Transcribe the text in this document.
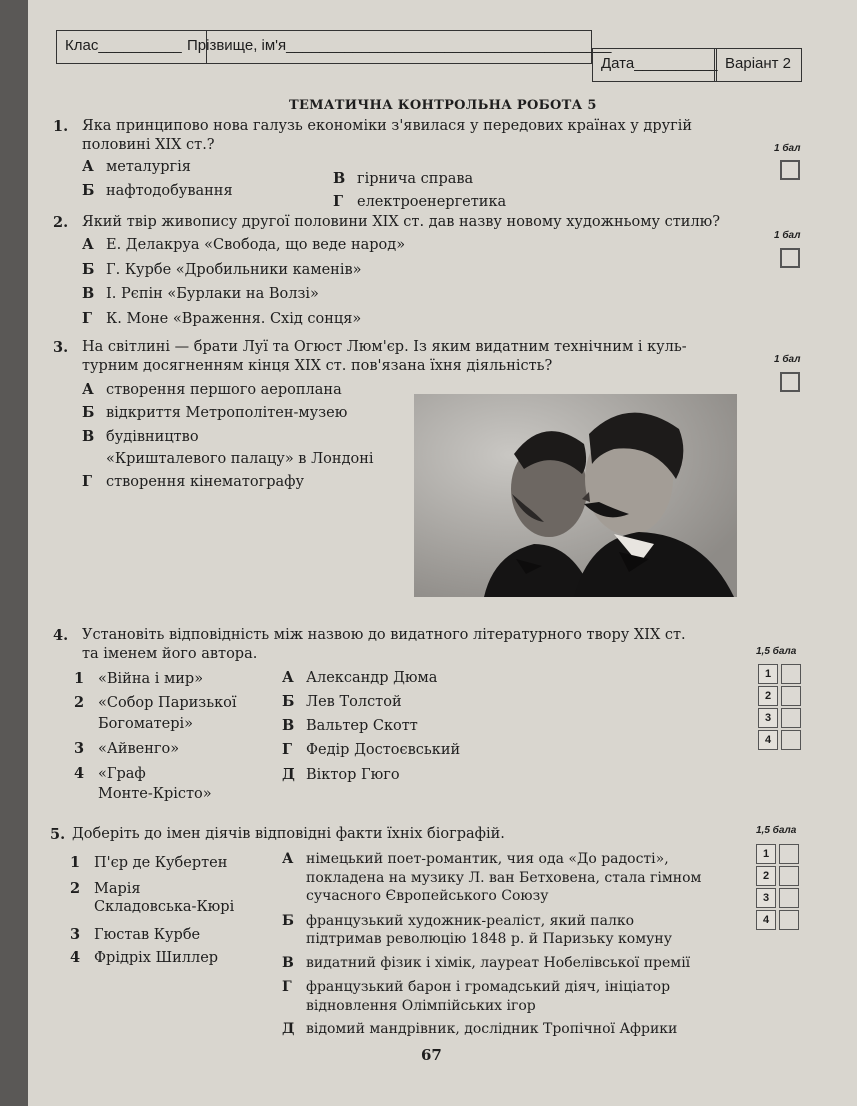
Клас__________ Прізвище, ім'я_______________________________________
Дата__________ Варіант 2
ТЕМАТИЧНА КОНТРОЛЬНА РОБОТА 5
1. Яка принципово нова галузь економіки з'явилася у передових країнах у другій
половині XIX ст.?	1 бал
А металургія
Б нафтодобування
В гірнича справа
Г електроенергетика
2. Який твір живопису другої половини XIX ст. дав назву новому художньому стилю?
1 бал
А Е. Делакруа «Свобода, що веде народ»
Б Г. Курбе «Дробильники каменів»
В І. Рєпін «Бурлаки на Волзі»
Г К. Моне «Враження. Схід сонця»
3. На світлині — брати Луї та Огюст Люм'єр. Із яким видатним технічним і куль-
турним досягненням кінця XIX ст. пов'язана їхня діяльність?	1 бал
А створення першого аероплана
Б відкриття Метрополітен-музею
В будівництво
«Кришталевого палацу» в Лондоні
Г створення кінематографу
4. Установіть відповідність між назвою до видатного літературного твору XIX ст.
та іменем його автора.	1,5 бала
1 «Війна і мир»
2 «Собор Паризької
Богоматері»
3 «Айвенго»
4 «Граф
Монте-Крісто»
А Александр Дюма
Б Лев Толстой
В Вальтер Скотт
Г Федір Достоєвський
Д Віктор Гюго
1
2
3
4
5. Доберіть до імен діячів відповідні факти їхніх біографій.	1,5 бала
1 П'єр де Кубертен
2 Марія
Складовська-Кюрі
3 Гюстав Курбе
4 Фрідріх Шиллер
А німецький поет-романтик, чия ода «До радості»,
покладена на музику Л. ван Бетховена, стала гімном
сучасного Європейського Союзу
Б французький художник-реаліст, який палко
підтримав революцію 1848 р. й Паризьку комуну
В видатний фізик і хімік, лауреат Нобелівської премії
Г французький барон і громадський діяч, ініціатор
відновлення Олімпійських ігор
Д відомий мандрівник, дослідник Тропічної Африки
1
2
3
4
67
